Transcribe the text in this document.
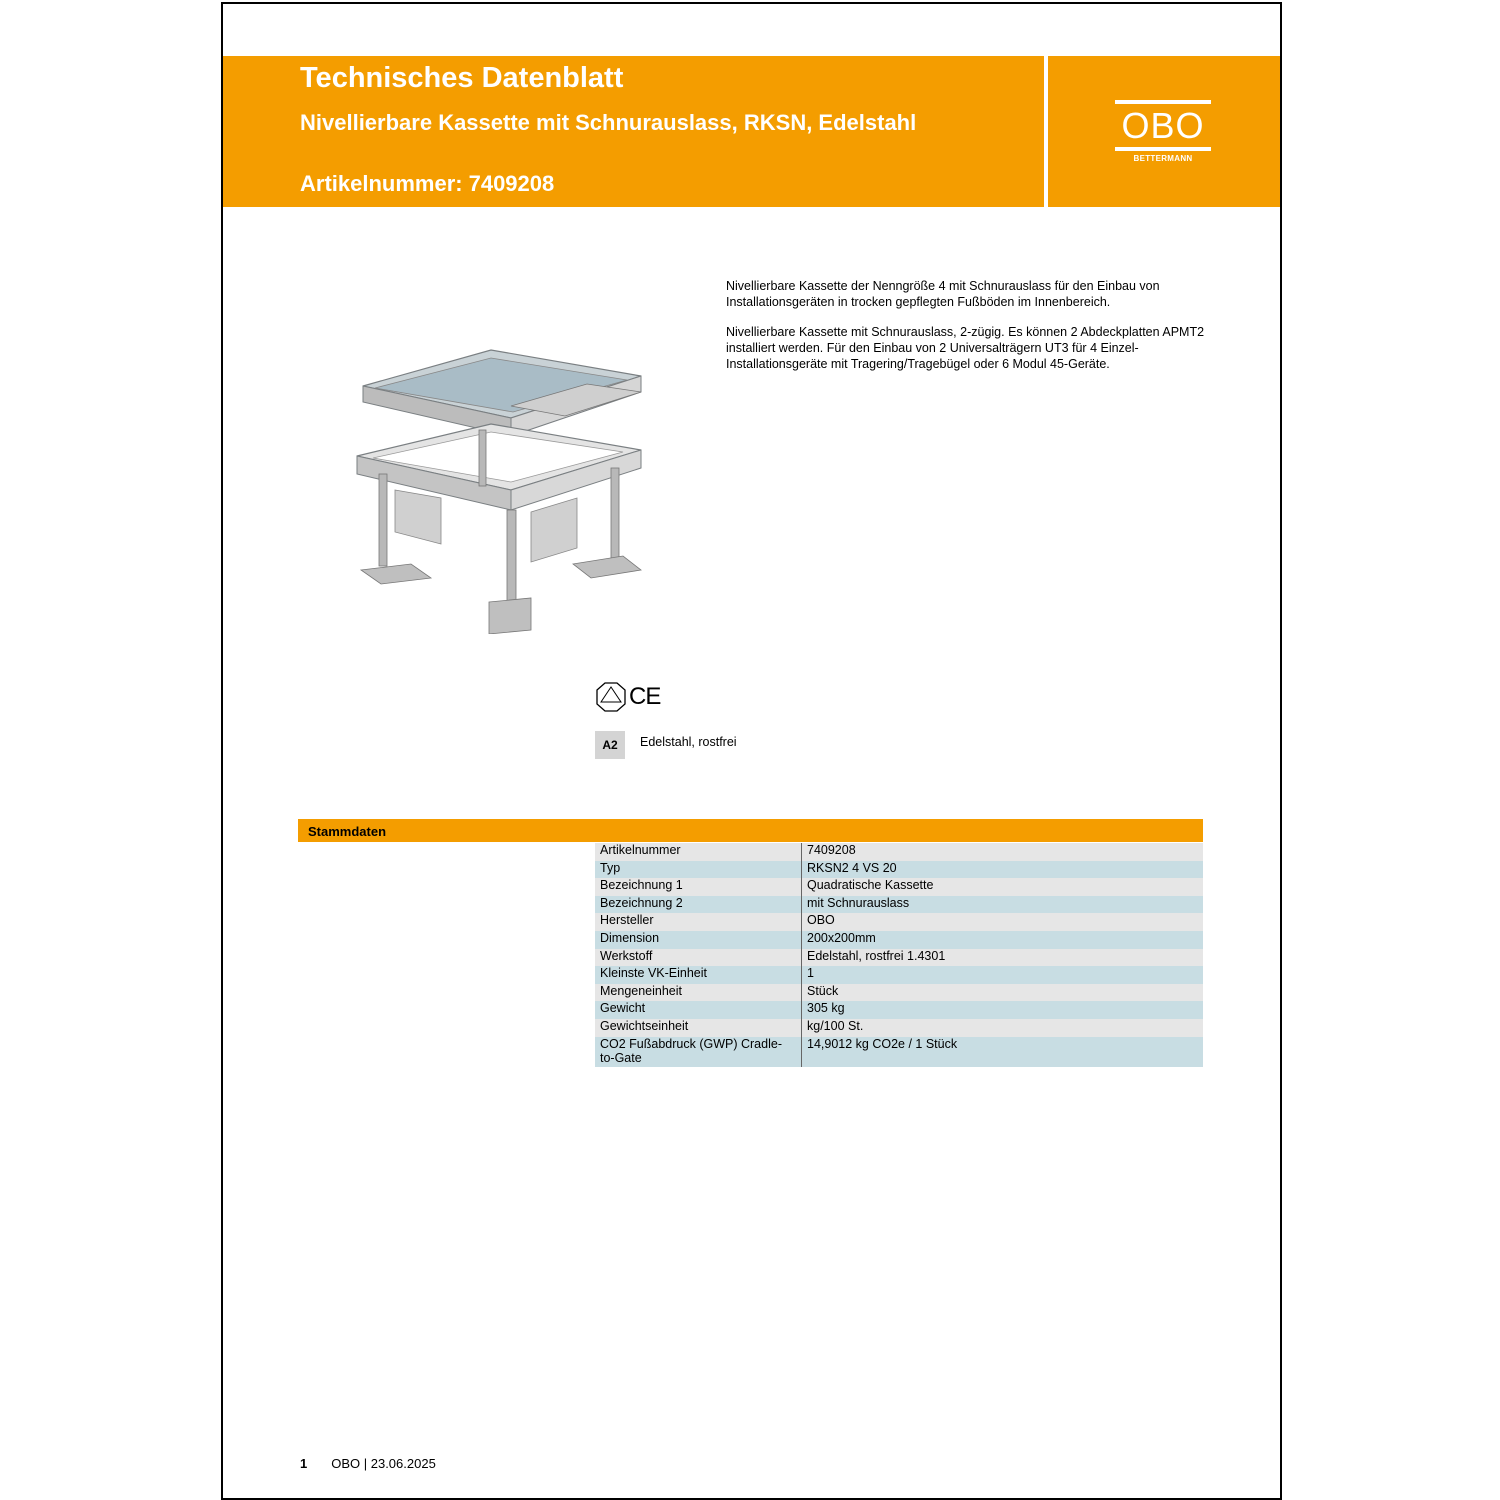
Technisches Datenblatt
Nivellierbare Kassette mit Schnurauslass, RKSN, Edelstahl
Artikelnummer: 7409208
OBO
BETTERMANN

Nivellierbare Kassette der Nenngröße 4 mit Schnurauslass für den Einbau von Installationsgeräten in trocken gepflegten Fußböden im Innenbereich.

Nivellierbare Kassette mit Schnurauslass, 2-zügig. Es können 2 Abdeckplatten APMT2 installiert werden. Für den Einbau von 2 Universalträgern UT3 für 4 Einzel-Installationsgeräte mit Tragering/Tragebügel oder 6 Modul 45-Geräte.

CE
A2	Edelstahl, rostfrei
Stammdaten
Artikelnummer	7409208
Typ	RKSN2 4 VS 20
Bezeichnung 1	Quadratische Kassette
Bezeichnung 2	mit Schnurauslass
Hersteller	OBO
Dimension	200x200mm
Werkstoff	Edelstahl, rostfrei 1.4301
Kleinste VK-Einheit	1
Mengeneinheit	Stück
Gewicht	305 kg
Gewichtseinheit	kg/100 St.
CO2 Fußabdruck (GWP) Cradle-to-Gate	14,9012 kg CO2e / 1 Stück
1 OBO | 23.06.2025
